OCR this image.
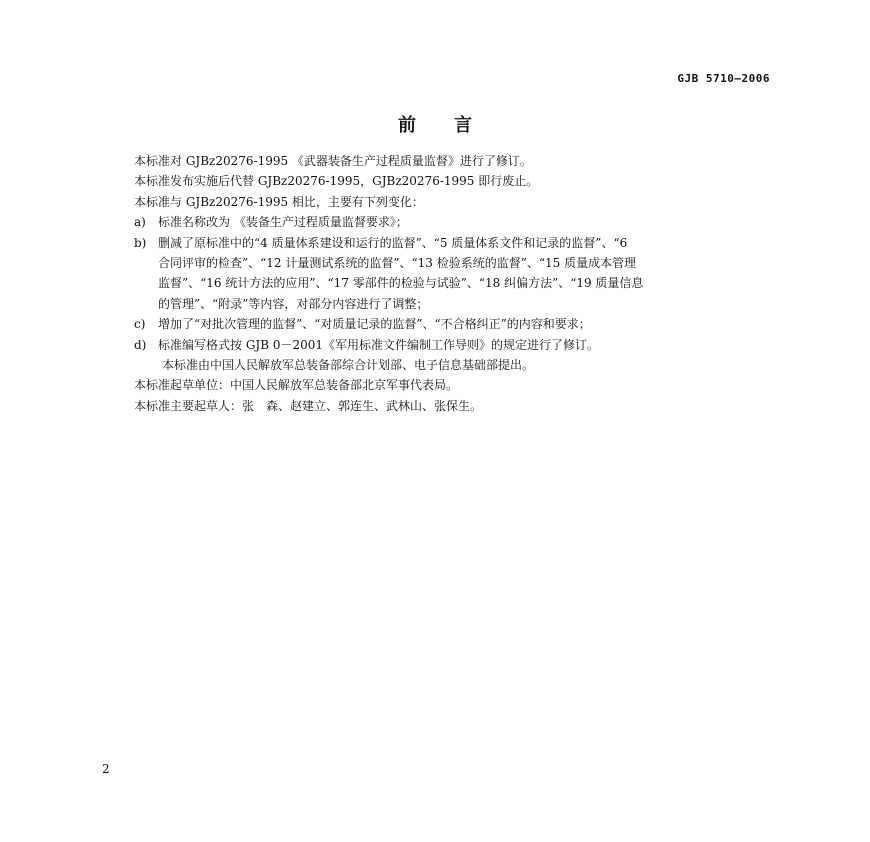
GJB 5710—2006
前言

本标准对 GJBz20276-1995 《武器装备生产过程质量监督》进行了修订。

本标准发布实施后代替 GJBz20276-1995，GJBz20276-1995 即行废止。

本标准与 GJBz20276-1995 相比，主要有下列变化：

a)	标准名称改为 《装备生产过程质量监督要求》；
b) 删减了原标准中的“4 质量体系建设和运行的监督”、“5 质量体系文件和记录的监督”、“6
合同评审的检查”、“12 计量测试系统的监督”、“13 检验系统的监督”、“15 质量成本管理
监督”、“16 统计方法的应用”、“17 零部件的检验与试验”、“18 纠偏方法”、“19 质量信息
的管理”、“附录”等内容，对部分内容进行了调整；
c)	增加了“对批次管理的监督”、“对质量记录的监督”、“不合格纠正”的内容和要求；
d) 标准编写格式按 GJB 0－2001《军用标准文件编制工作导则》的规定进行了修订。

本标准由中国人民解放军总装备部综合计划部、电子信息基础部提出。

本标准起草单位：中国人民解放军总装备部北京军事代表局。

本标准主要起草人：张　森、赵建立、郭连生、武林山、张保生。

2
